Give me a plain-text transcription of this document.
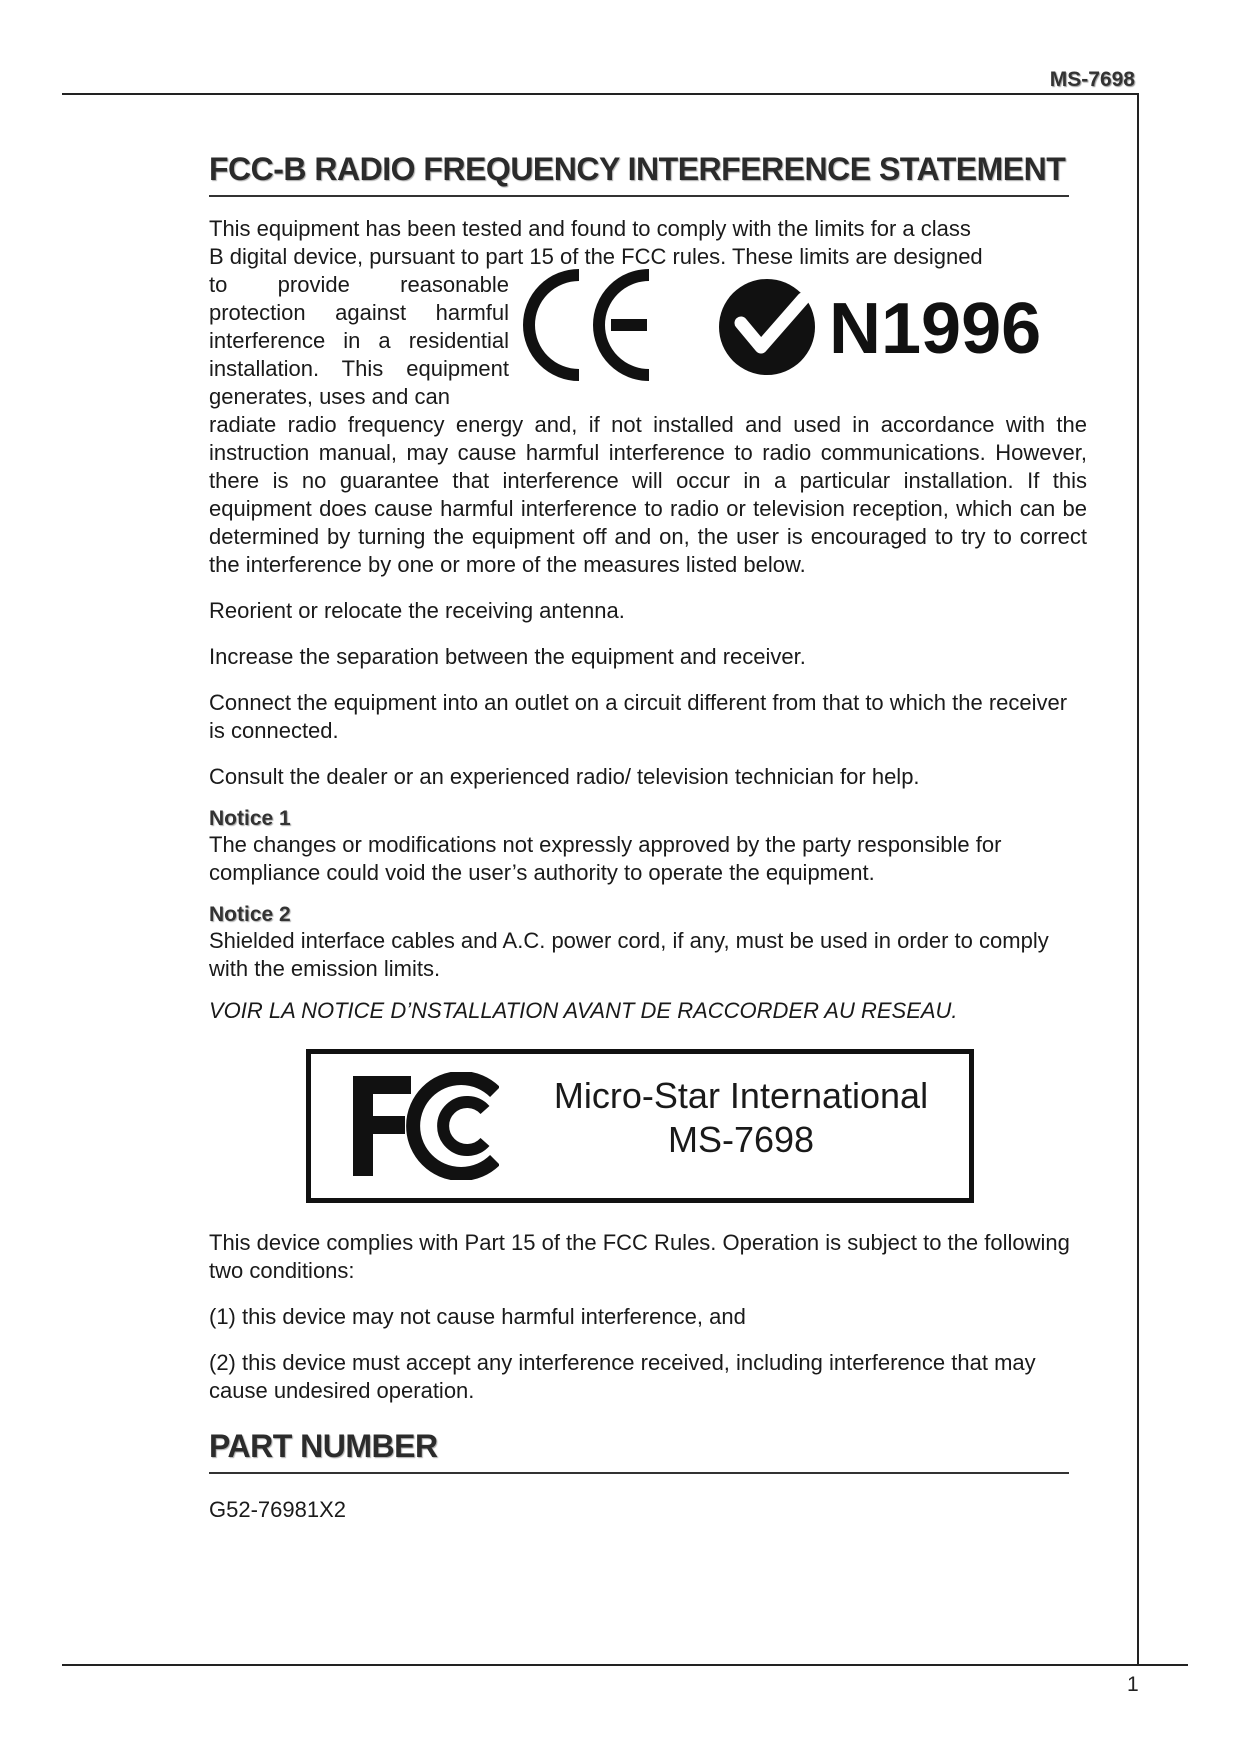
MS-7698
FCC-B RADIO FREQUENCY INTERFERENCE STATEMENT

This equipment has been tested and found to comply with the limits for a class

B digital device, pursuant to part 15 of the FCC rules. These limits are designed

to provide reasonable protection against harmful interference in a residential installation. This equipment generates, uses and can

N1996

radiate radio frequency energy and, if not installed and used in accordance with the instruction manual, may cause harmful interference to radio communications. However, there is no guarantee that interference will occur in a particular installation. If this equipment does cause harmful interference to radio or television reception, which can be determined by turning the equipment off and on, the user is encouraged to try to correct the interference by one or more of the measures listed below.

Reorient or relocate the receiving antenna.

Increase the separation between the equipment and receiver.

Connect the equipment into an outlet on a circuit different from that to which the receiver is connected.

Consult the dealer or an experienced radio/ television technician for help.

Notice 1

The changes or modifications not expressly approved by the party responsible for compliance could void the user’s authority to operate the equipment.

Notice 2

Shielded interface cables and A.C. power cord, if any, must be used in order to comply with the emission limits.

VOIR LA NOTICE D’NSTALLATION AVANT DE RACCORDER AU RESEAU.

Micro-Star International
MS-7698

This device complies with Part 15 of the FCC Rules. Operation is subject to the following two conditions:

(1) this device may not cause harmful interference, and

(2) this device must accept any interference received, including interference that may cause undesired operation.

PART NUMBER

G52-76981X2

1
